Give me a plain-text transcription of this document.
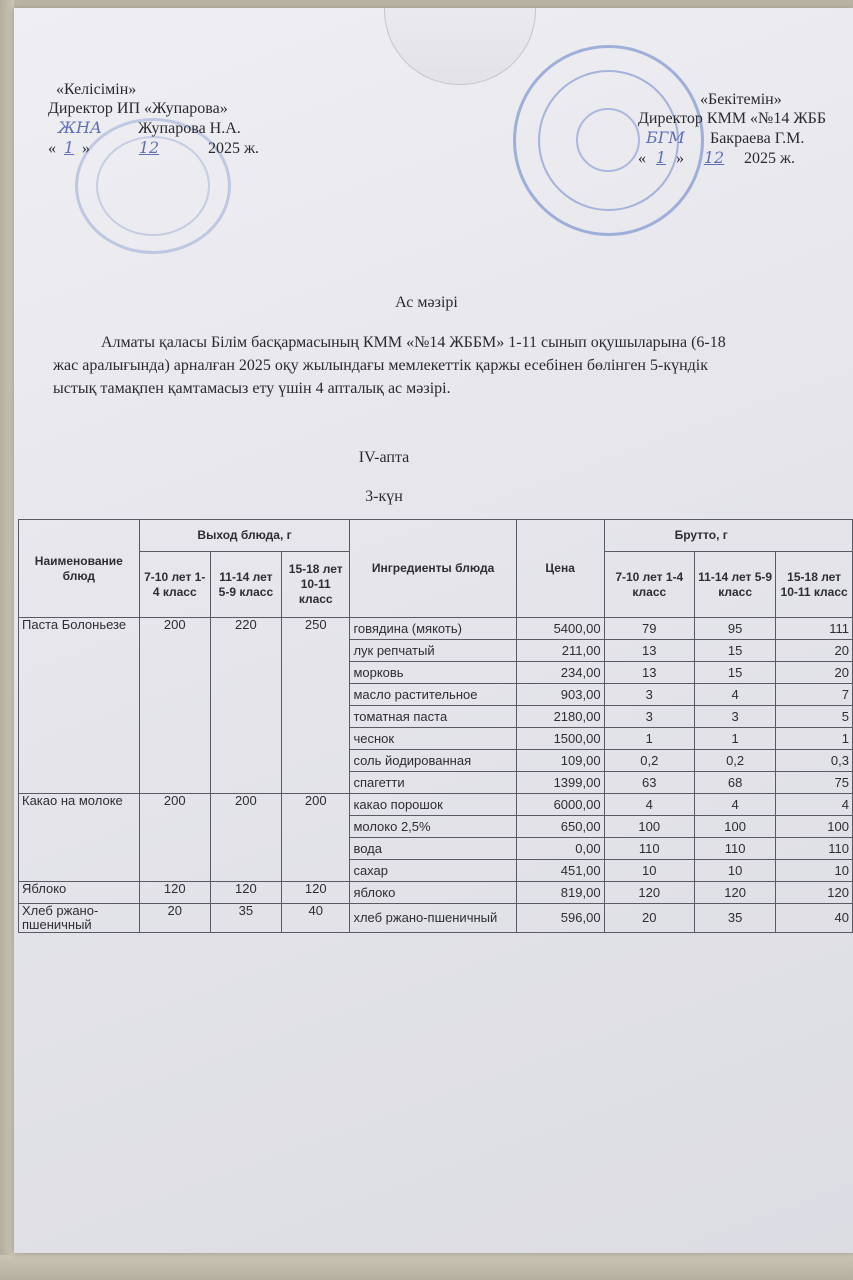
«Келісімін»
Директор ИП «Жупарова»
ЖНА Жупарова Н.А.
« 1 »	12	2025 ж.
«Бекітемін»
Директор КММ «№14 ЖББ
БГМ Бакраева Г.М.
« 1 » 12 2025 ж.
Ас мәзірі
Алматы қаласы Білім басқармасының КММ «№14 ЖББМ» 1-11 сынып оқушыларына (6-18 жас аралығында) арналған 2025 оқу жылындағы мемлекеттік қаржы есебінен бөлінген 5-күндік ыстық тамақпен қамтамасыз ету үшін 4 апталық ас мәзірі.
IV-апта
3-күн
Наименование блюд	Выход блюда, г			Ингредиенты блюда	Цена	Брутто, г		
	7-10 лет 1-4 класс	11-14 лет 5-9 класс	15-18 лет 10-11 класс			7-10 лет 1-4 класс	11-14 лет 5-9 класс	15-18 лет 10-11 класс
Паста Болоньезе	200	220	250	говядина (мякоть)	5400,00	79	95	111
				лук репчатый	211,00	13	15	20
				морковь	234,00	13	15	20
				масло растительное	903,00	3	4	7
				томатная паста	2180,00	3	3	5
				чеснок	1500,00	1	1	1
				соль йодированная	109,00	0,2	0,2	0,3
				спагетти	1399,00	63	68	75
Какао на молоке	200	200	200	какао порошок	6000,00	4	4	4
				молоко 2,5%	650,00	100	100	100
				вода	0,00	110	110	110
				сахар	451,00	10	10	10
Яблоко	120	120	120	яблоко	819,00	120	120	120
Хлеб ржано-пшеничный	20	35	40	хлеб ржано-пшеничный	596,00	20	35	40
